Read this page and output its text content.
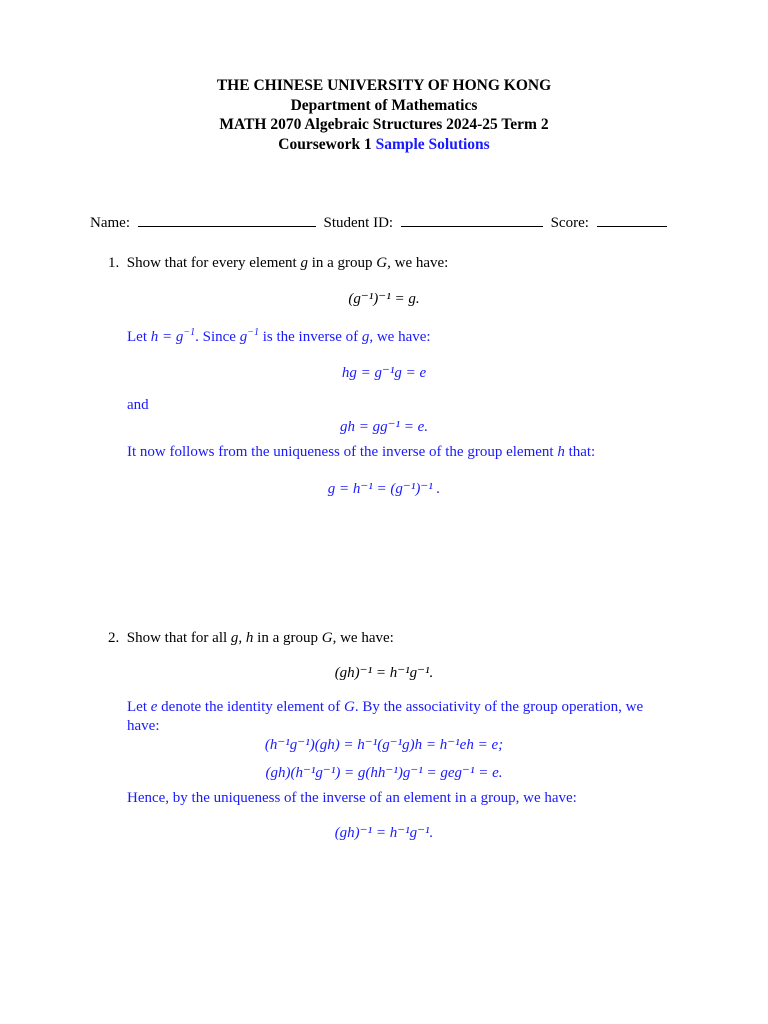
THE CHINESE UNIVERSITY OF HONG KONG
Department of Mathematics
MATH 2070 Algebraic Structures 2024-25 Term 2
Coursework 1 Sample Solutions
Name:	Student ID:	Score:
1. Show that for every element g in a group G, we have:
(g⁻¹)⁻¹ = g.
Let $h = g^{-1}$. Since $g^{-1}$ is the inverse of g, we have:
hg = g⁻¹g = e
and
gh = gg⁻¹ = e.
It now follows from the uniqueness of the inverse of the group element h that:
g = h⁻¹ = (g⁻¹)⁻¹ .
2. Show that for all g, h in a group G, we have:
(gh)⁻¹ = h⁻¹g⁻¹.
Let e denote the identity element of G. By the associativity of the group operation, we
have:
(h⁻¹g⁻¹)(gh) = h⁻¹(g⁻¹g)h = h⁻¹eh = e;
(gh)(h⁻¹g⁻¹) = g(hh⁻¹)g⁻¹ = geg⁻¹ = e.
Hence, by the uniqueness of the inverse of an element in a group, we have:
(gh)⁻¹ = h⁻¹g⁻¹.
